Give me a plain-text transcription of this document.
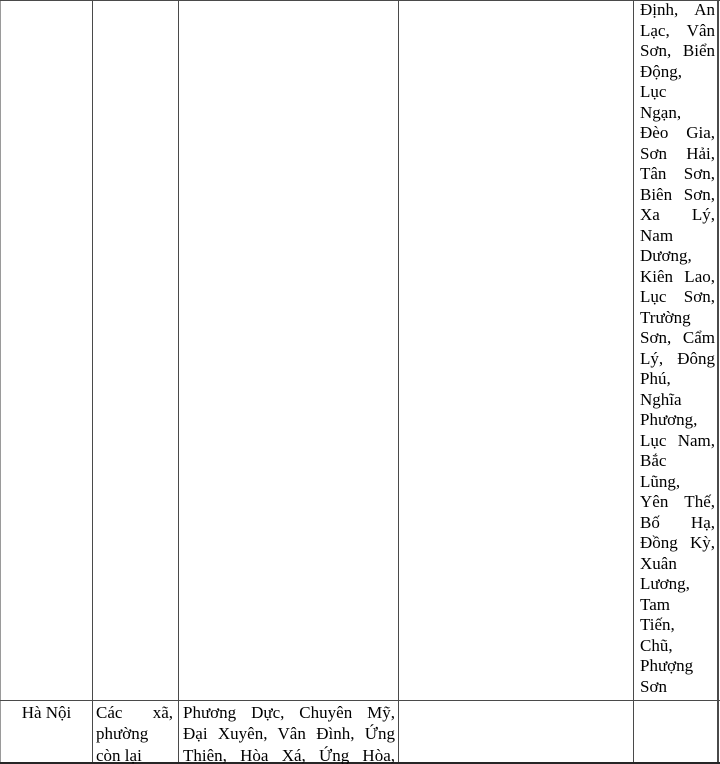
Định, An
Lạc, Vân
Sơn, Biển
Động,
Lục
Ngạn,
Đèo Gia,
Sơn Hải,
Tân Sơn,
Biên Sơn,
Xa Lý,
Nam
Dương,
Kiên Lao,
Lục Sơn,
Trường
Sơn, Cẩm
Lý, Đông
Phú,
Nghĩa
Phương,
Lục Nam,
Bắc
Lũng,
Yên Thế,
Bố Hạ,
Đồng Kỳ,
Xuân
Lương,
Tam
Tiến,
Chũ,
Phượng
Sơn
Hà Nội	Các xã,
phường
còn lại
Phương Dực, Chuyên Mỹ,
Đại Xuyên, Vân Đình, Ứng
Thiên, Hòa Xá, Ứng Hòa,
